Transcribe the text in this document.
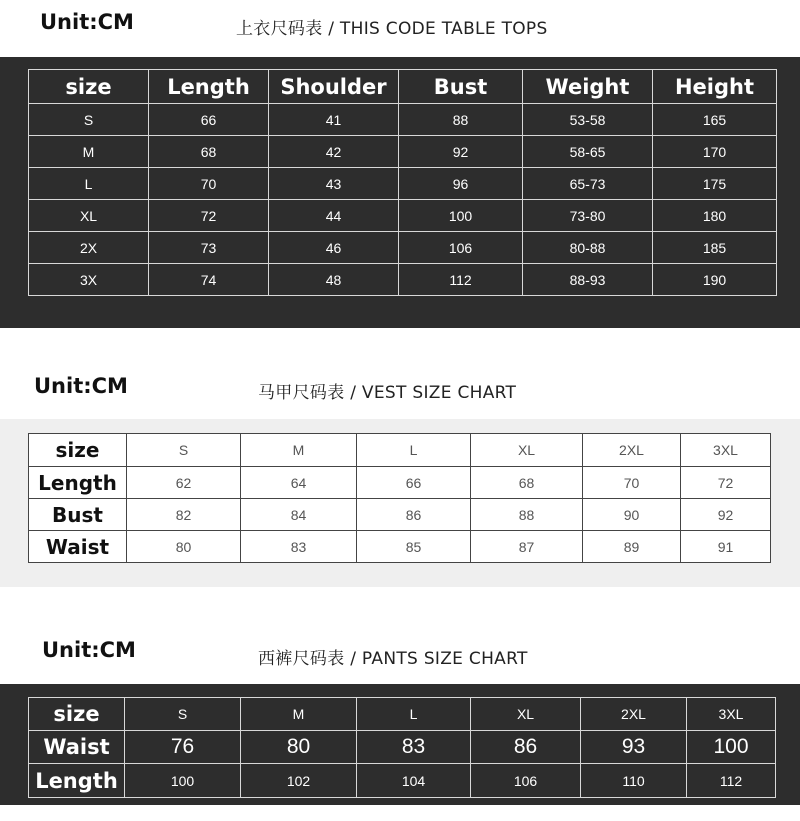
Unit:CM	上衣尺码表 / THIS CODE TABLE TOPS
size	Length	Shoulder	Bust	Weight	Height
S	66	41	88	53-58	165
M	68	42	92	58-65	170
L	70	43	96	65-73	175
XL	72	44	100	73-80	180
2X	73	46	106	80-88	185
3X	74	48	112	88-93	190
Unit:CM	马甲尺码表 / VEST SIZE CHART
size	S	M	L	XL	2XL	3XL
Length	62	64	66	68	70	72
Bust	82	84	86	88	90	92
Waist	80	83	85	87	89	91
Unit:CM	西裤尺码表 / PANTS SIZE CHART
size	S	M	L	XL	2XL	3XL
Waist	76	80	83	86	93	100
Length	100	102	104	106	110	112
